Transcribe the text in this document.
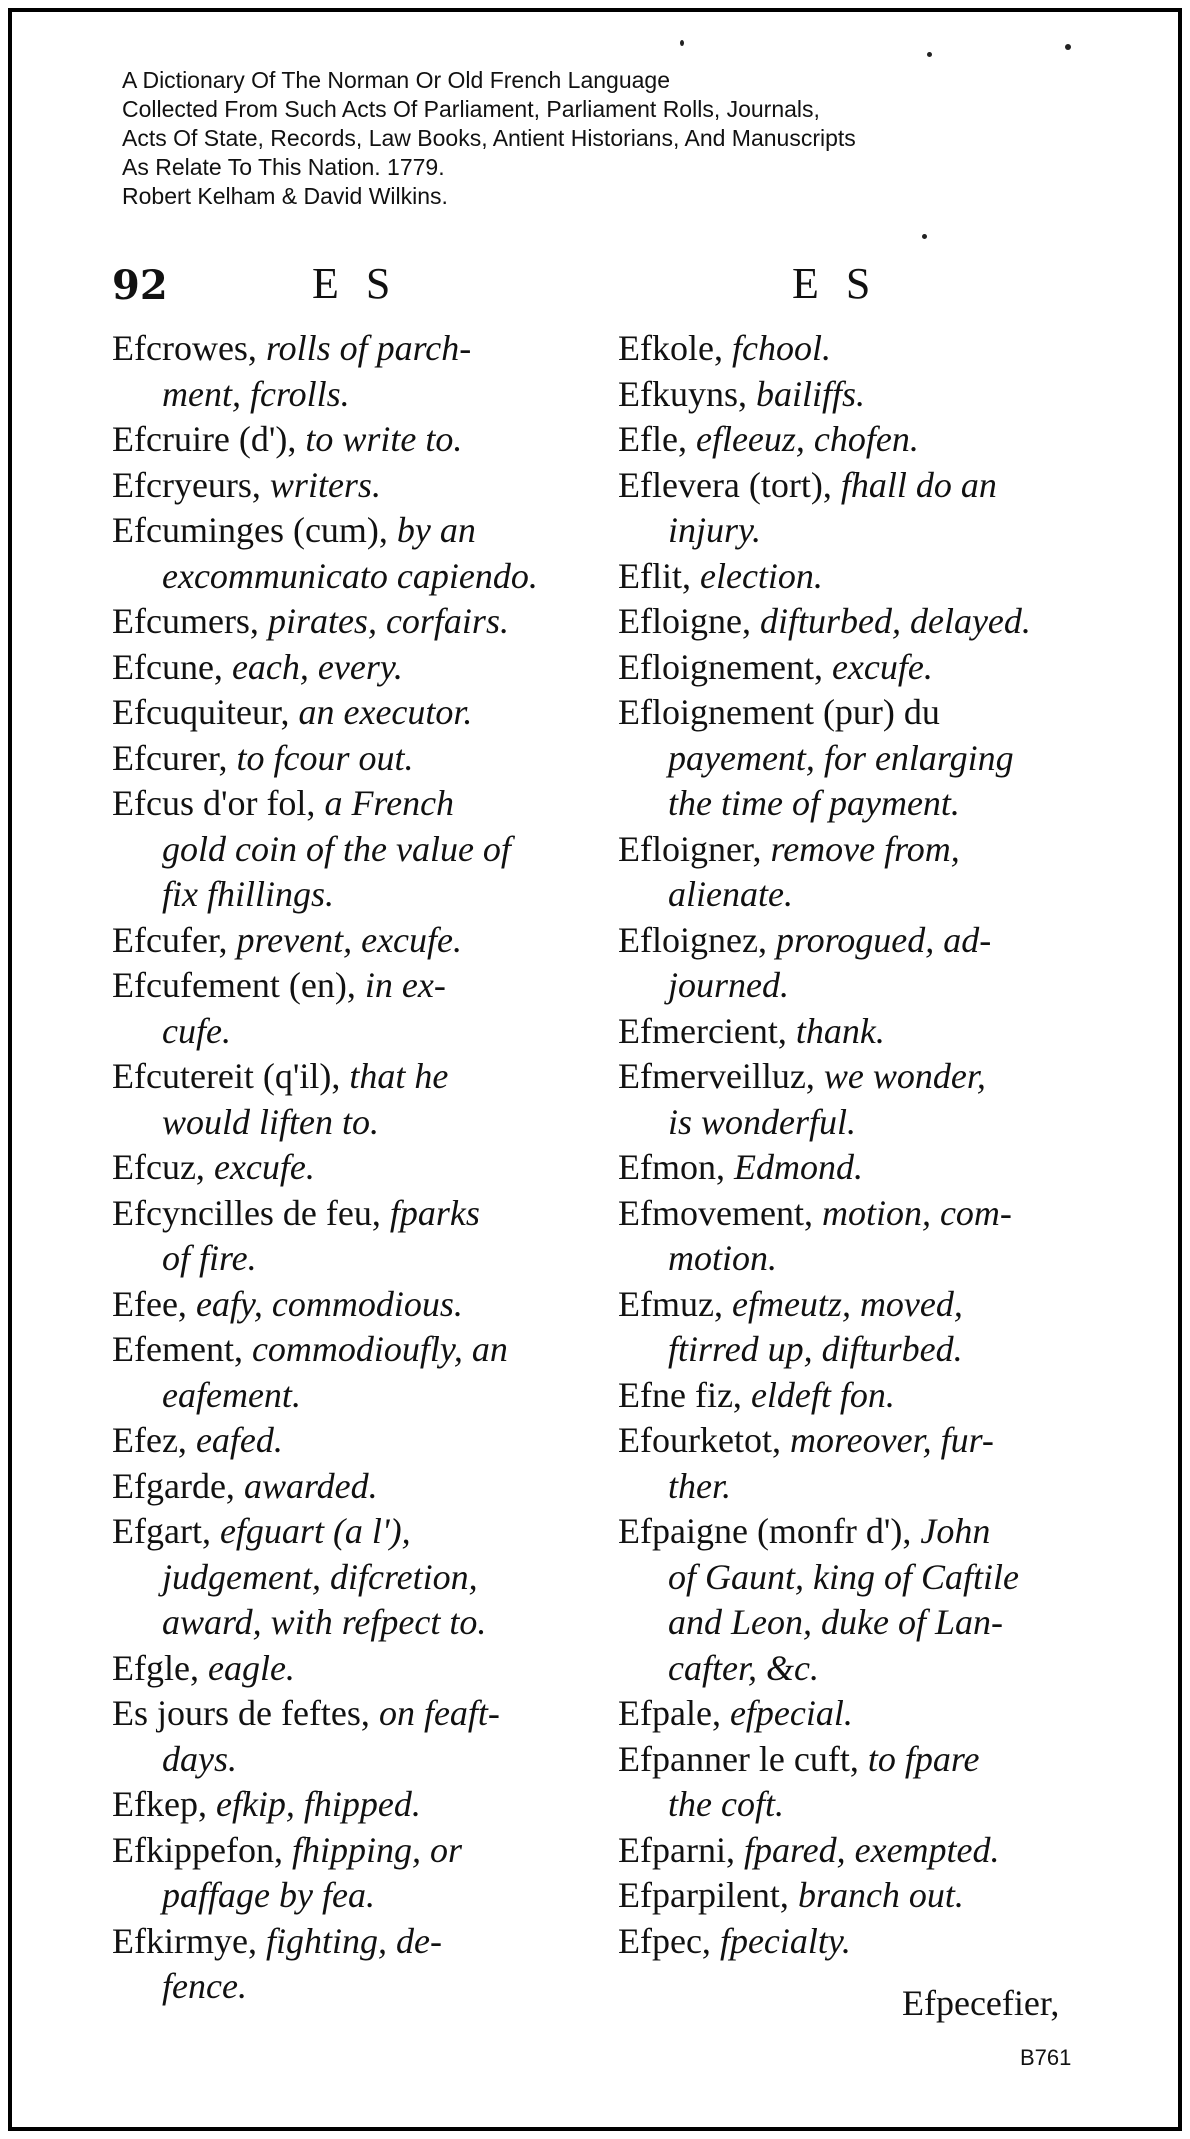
A Dictionary Of The Norman Or Old French Language
Collected From Such Acts Of Parliament, Parliament Rolls, Journals,
Acts Of State, Records, Law Books, Antient Historians, And Manuscripts
As Relate To This Nation. 1779.
Robert Kelham & David Wilkins.
92	E S	E S
Efcrowes, rolls of parch-
ment, fcrolls.
Efcruire (d'), to write to.
Efcryeurs, writers.
Efcuminges (cum), by an
excommunicato capiendo.
Efcumers, pirates, corfairs.
Efcune, each, every.
Efcuquiteur, an executor.
Efcurer, to fcour out.
Efcus d'or fol, a French
gold coin of the value of
fix fhillings.
Efcufer, prevent, excufe.
Efcufement (en), in ex-
cufe.
Efcutereit (q'il), that he
would liften to.
Efcuz, excufe.
Efcyncilles de feu, fparks
of fire.
Efee, eafy, commodious.
Efement, commodioufly, an
eafement.
Efez, eafed.
Efgarde, awarded.
Efgart, efguart (a l'),
judgement, difcretion,
award, with refpect to.
Efgle, eagle.
Es jours de feftes, on feaft-
days.
Efkep, efkip, fhipped.
Efkippefon, fhipping, or
paffage by fea.
Efkirmye, fighting, de-
fence.
Efkole, fchool.
Efkuyns, bailiffs.
Efle, efleeuz, chofen.
Eflevera (tort), fhall do an
injury.
Eflit, election.
Efloigne, difturbed, delayed.
Efloignement, excufe.
Efloignement (pur) du
payement, for enlarging
the time of payment.
Efloigner, remove from,
alienate.
Efloignez, prorogued, ad-
journed.
Efmercient, thank.
Efmerveilluz, we wonder,
is wonderful.
Efmon, Edmond.
Efmovement, motion, com-
motion.
Efmuz, efmeutz, moved,
ftirred up, difturbed.
Efne fiz, eldeft fon.
Efourketot, moreover, fur-
ther.
Efpaigne (monfr d'), John
of Gaunt, king of Caftile
and Leon, duke of Lan-
cafter, &c.
Efpale, efpecial.
Efpanner le cuft, to fpare
the coft.
Efparni, fpared, exempted.
Efparpilent, branch out.
Efpec, fpecialty.
Efpecefier,
B761
